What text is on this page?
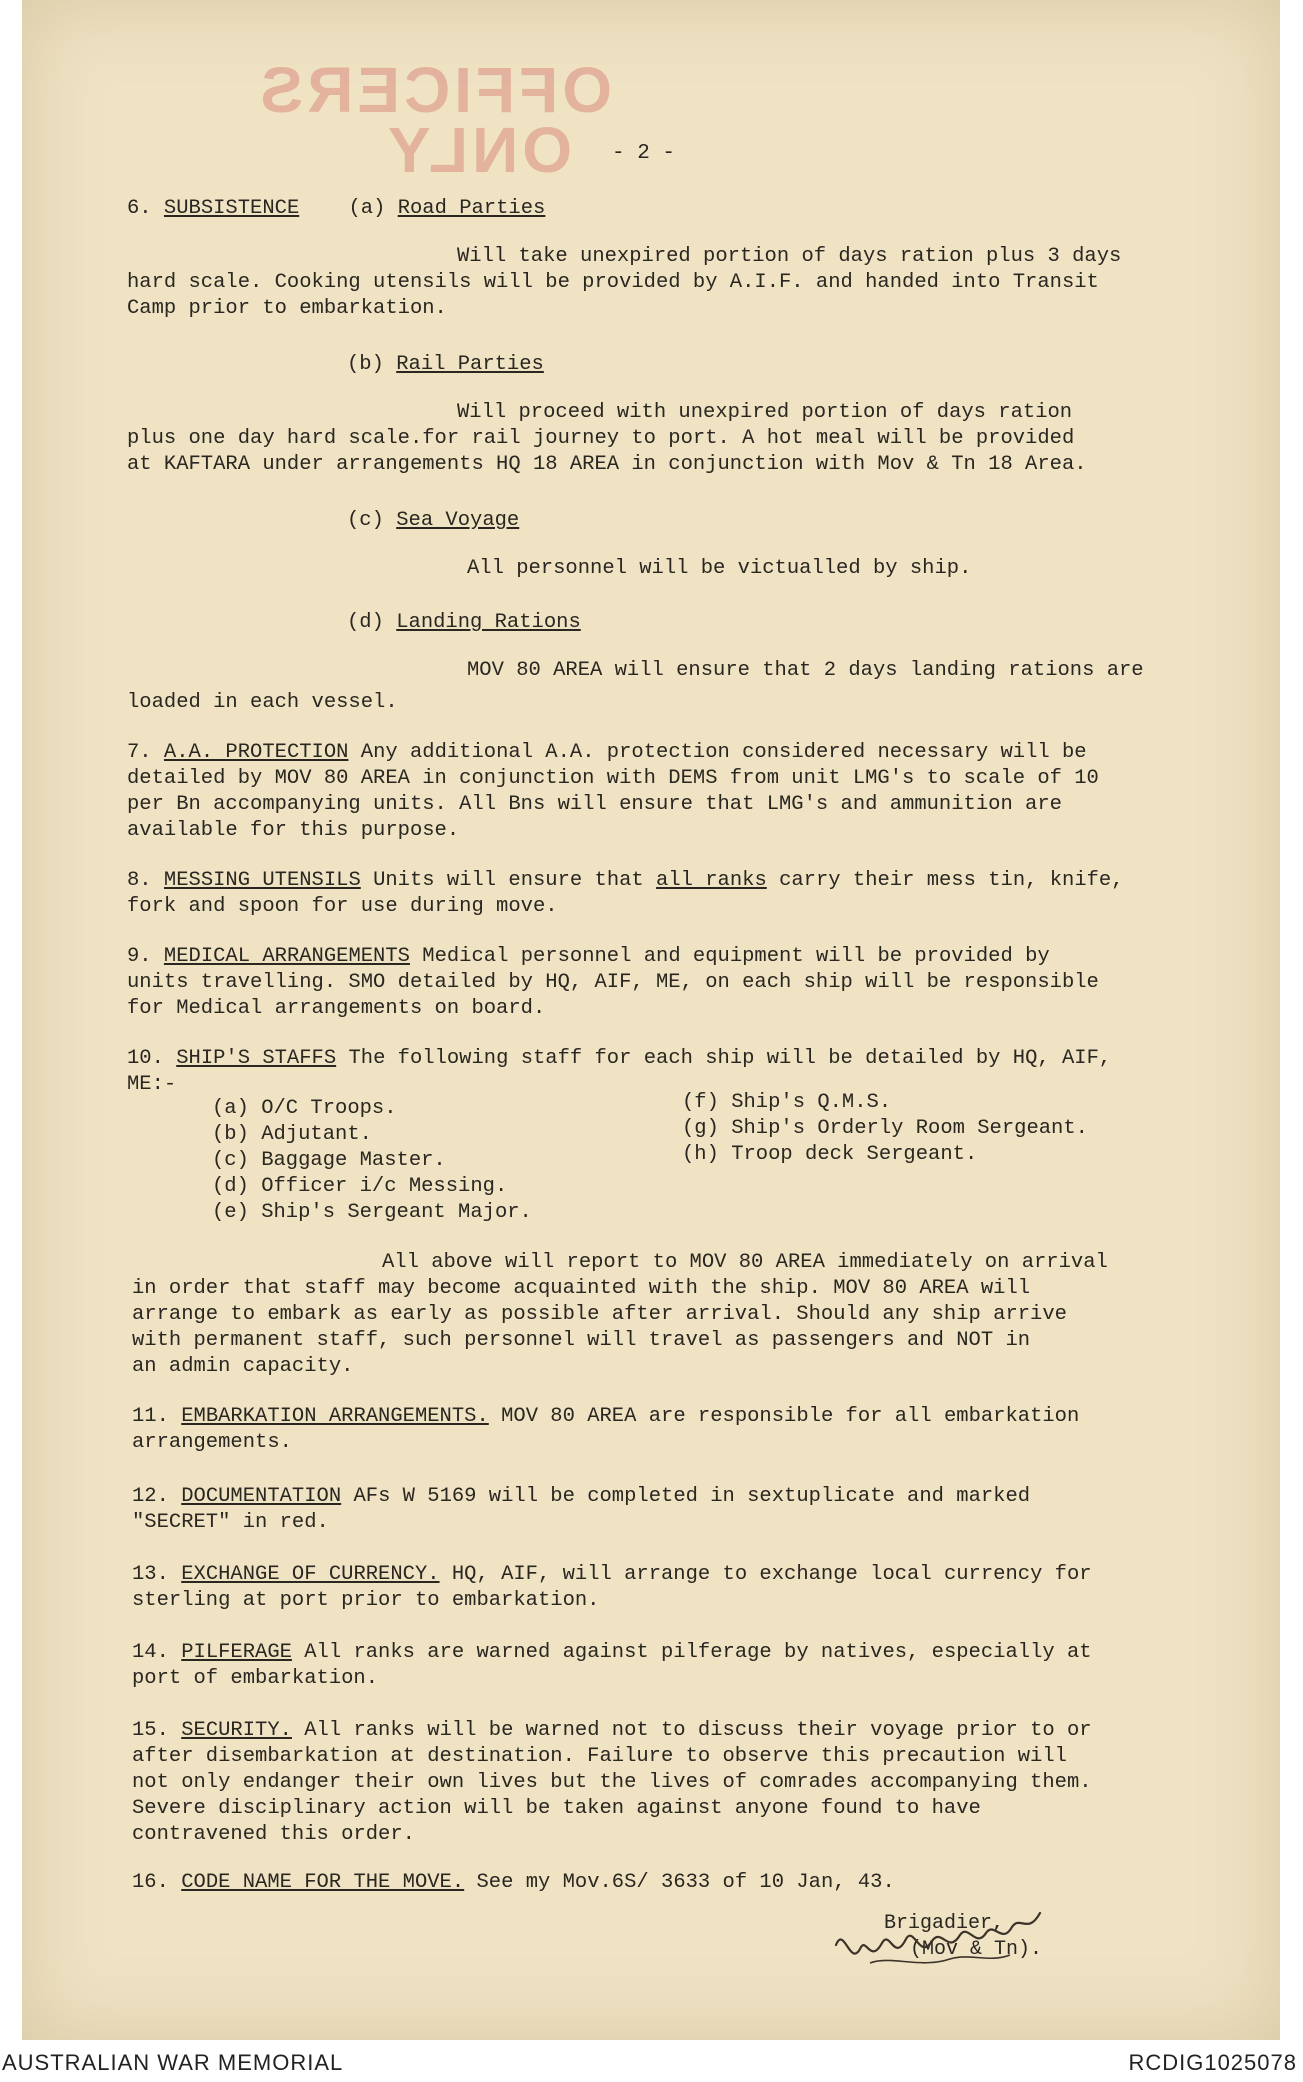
OFFICERS
ONLY	- 2 -
6. SUBSISTENCE (a) Road Parties
Will take unexpired portion of days ration plus 3 days
hard scale. Cooking utensils will be provided by A.I.F. and handed into Transit
Camp prior to embarkation.
(b) Rail Parties
Will proceed with unexpired portion of days ration
plus one day hard scale.for rail journey to port. A hot meal will be provided
at KAFTARA under arrangements HQ 18 AREA in conjunction with Mov & Tn 18 Area.
(c) Sea Voyage
All personnel will be victualled by ship.
(d) Landing Rations
MOV 80 AREA will ensure that 2 days landing rations are
loaded in each vessel.
7. A.A. PROTECTION Any additional A.A. protection considered necessary will be
detailed by MOV 80 AREA in conjunction with DEMS from unit LMG's to scale of 10
per Bn accompanying units. All Bns will ensure that LMG's and ammunition are
available for this purpose.
8. MESSING UTENSILS Units will ensure that all ranks carry their mess tin, knife,
fork and spoon for use during move.
9. MEDICAL ARRANGEMENTS Medical personnel and equipment will be provided by
units travelling. SMO detailed by HQ, AIF, ME, on each ship will be responsible
for Medical arrangements on board.
10. SHIP'S STAFFS The following staff for each ship will be detailed by HQ, AIF,
ME:-
(a) O/C Troops.
(b) Adjutant.
(c) Baggage Master.
(d) Officer i/c Messing.
(e) Ship's Sergeant Major.
(f) Ship's Q.M.S.
(g) Ship's Orderly Room Sergeant.
(h) Troop deck Sergeant.
All above will report to MOV 80 AREA immediately on arrival
in order that staff may become acquainted with the ship. MOV 80 AREA will
arrange to embark as early as possible after arrival. Should any ship arrive
with permanent staff, such personnel will travel as passengers and NOT in
an admin capacity.
11. EMBARKATION ARRANGEMENTS. MOV 80 AREA are responsible for all embarkation
arrangements.
12. DOCUMENTATION AFs W 5169 will be completed in sextuplicate and marked
"SECRET" in red.
13. EXCHANGE OF CURRENCY. HQ, AIF, will arrange to exchange local currency for
sterling at port prior to embarkation.
14. PILFERAGE All ranks are warned against pilferage by natives, especially at
port of embarkation.
15. SECURITY. All ranks will be warned not to discuss their voyage prior to or
after disembarkation at destination. Failure to observe this precaution will
not only endanger their own lives but the lives of comrades accompanying them.
Severe disciplinary action will be taken against anyone found to have
contravened this order.
16. CODE NAME FOR THE MOVE. See my Mov.6S/ 3633 of 10 Jan, 43.
Brigadier,
(Mov & Tn).
AUSTRALIAN WAR MEMORIAL	RCDIG1025078
